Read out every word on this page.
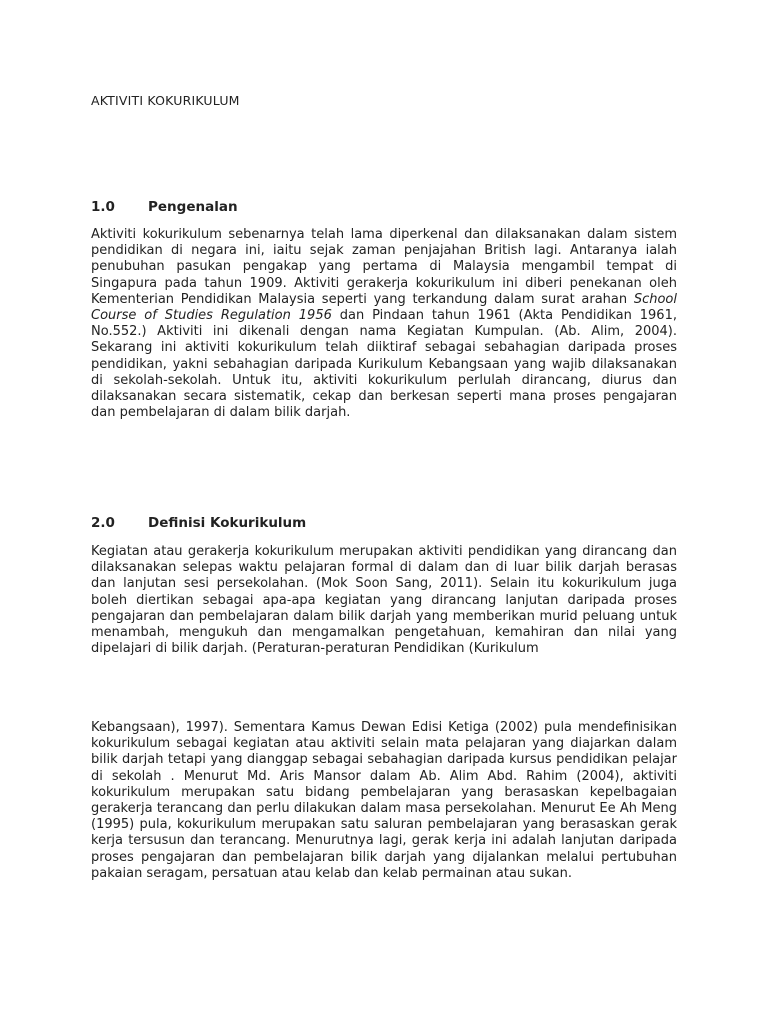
AKTIVITI KOKURIKULUM
1.0	Pengenalan

Aktiviti kokurikulum sebenarnya telah lama diperkenal dan dilaksanakan dalam sistem pendidikan di negara ini, iaitu sejak zaman penjajahan British lagi. Antaranya ialah penubuhan pasukan pengakap yang pertama di Malaysia mengambil tempat di Singapura pada tahun 1909. Aktiviti gerakerja kokurikulum ini diberi penekanan oleh Kementerian Pendidikan Malaysia seperti yang terkandung dalam surat arahan School Course of Studies Regulation 1956 dan Pindaan tahun 1961 (Akta Pendidikan 1961, No.552.) Aktiviti ini dikenali dengan nama Kegiatan Kumpulan. (Ab. Alim, 2004). Sekarang ini aktiviti kokurikulum telah diiktiraf sebagai sebahagian daripada proses pendidikan, yakni sebahagian daripada Kurikulum Kebangsaan yang wajib dilaksanakan di sekolah-sekolah. Untuk itu, aktiviti kokurikulum perlulah dirancang, diurus dan dilaksanakan secara sistematik, cekap dan berkesan seperti mana proses pengajaran dan pembelajaran di dalam bilik darjah.

2.0	Definisi Kokurikulum

Kegiatan atau gerakerja kokurikulum merupakan aktiviti pendidikan yang dirancang dan dilaksanakan selepas waktu pelajaran formal di dalam dan di luar bilik darjah berasas dan lanjutan sesi persekolahan. (Mok Soon Sang, 2011). Selain itu kokurikulum juga boleh diertikan sebagai apa-apa kegiatan yang dirancang lanjutan daripada proses pengajaran dan pembelajaran dalam bilik darjah yang memberikan murid peluang untuk menambah, mengukuh dan mengamalkan pengetahuan, kemahiran dan nilai yang dipelajari di bilik darjah. (Peraturan-peraturan Pendidikan (Kurikulum

Kebangsaan), 1997). Sementara Kamus Dewan Edisi Ketiga (2002) pula mendefinisikan kokurikulum sebagai kegiatan atau aktiviti selain mata pelajaran yang diajarkan dalam bilik darjah tetapi yang dianggap sebagai sebahagian daripada kursus pendidikan pelajar di sekolah . Menurut Md. Aris Mansor dalam Ab. Alim Abd. Rahim (2004), aktiviti kokurikulum merupakan satu bidang pembelajaran yang berasaskan kepelbagaian gerakerja terancang dan perlu dilakukan dalam masa persekolahan. Menurut Ee Ah Meng (1995) pula, kokurikulum merupakan satu saluran pembelajaran yang berasaskan gerak kerja tersusun dan terancang. Menurutnya lagi, gerak kerja ini adalah lanjutan daripada proses pengajaran dan pembelajaran bilik darjah yang dijalankan melalui pertubuhan pakaian seragam, persatuan atau kelab dan kelab permainan atau sukan.
